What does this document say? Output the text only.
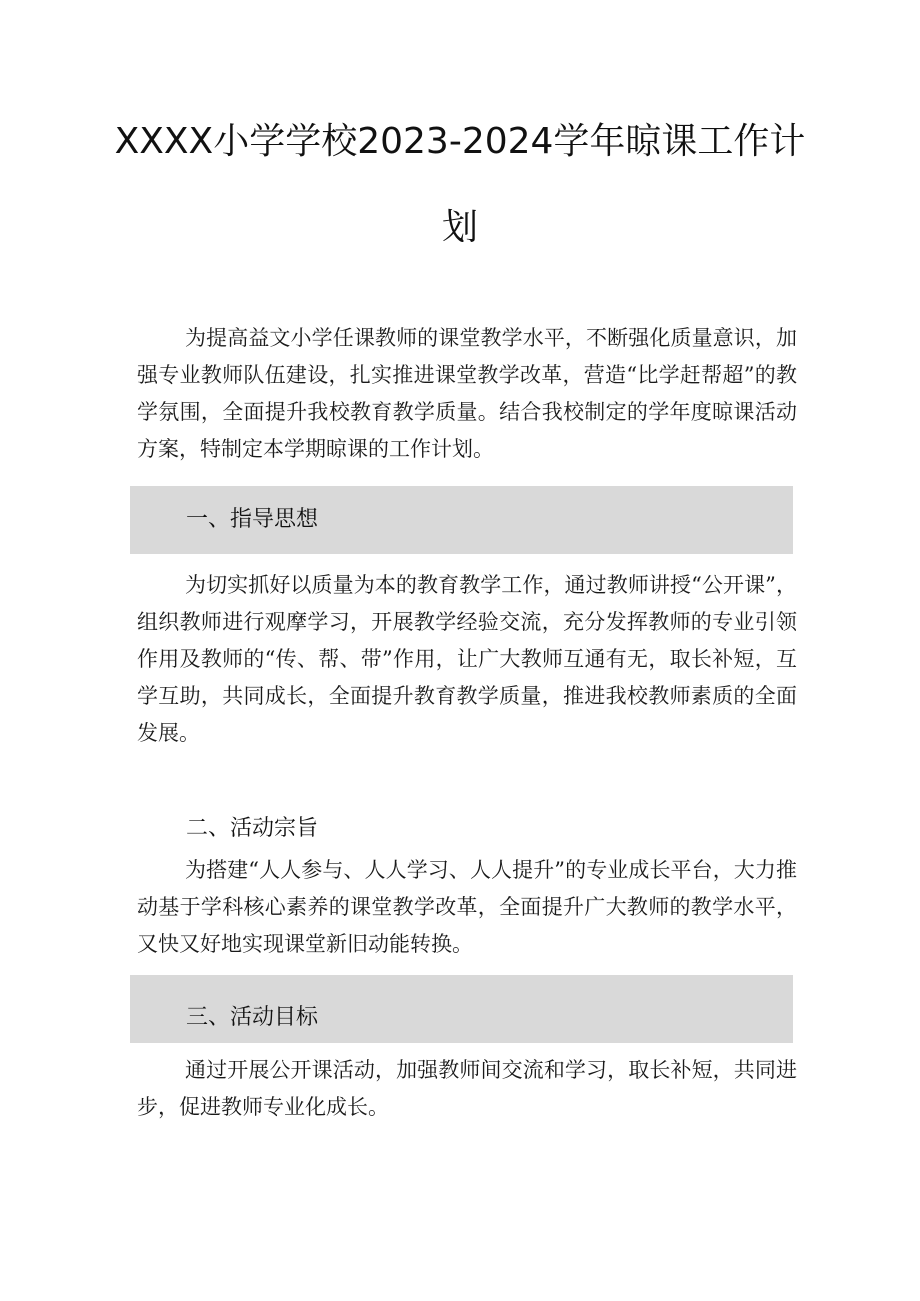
XXXX小学学校2023-2024学年晾课工作计
划

为提高益文小学任课教师的课堂教学水平，不断强化质量意识，加强专业教师队伍建设，扎实推进课堂教学改革，营造“比学赶帮超”的教学氛围，全面提升我校教育教学质量。结合我校制定的学年度晾课活动方案，特制定本学期晾课的工作计划。

一、指导思想

为切实抓好以质量为本的教育教学工作，通过教师讲授“公开课”，组织教师进行观摩学习，开展教学经验交流，充分发挥教师的专业引领作用及教师的“传、帮、带”作用，让广大教师互通有无，取长补短，互学互助，共同成长，全面提升教育教学质量，推进我校教师素质的全面发展。

二、活动宗旨

为搭建“人人参与、人人学习、人人提升”的专业成长平台，大力推动基于学科核心素养的课堂教学改革，全面提升广大教师的教学水平，又快又好地实现课堂新旧动能转换。

三、活动目标

通过开展公开课活动，加强教师间交流和学习，取长补短，共同进步，促进教师专业化成长。
